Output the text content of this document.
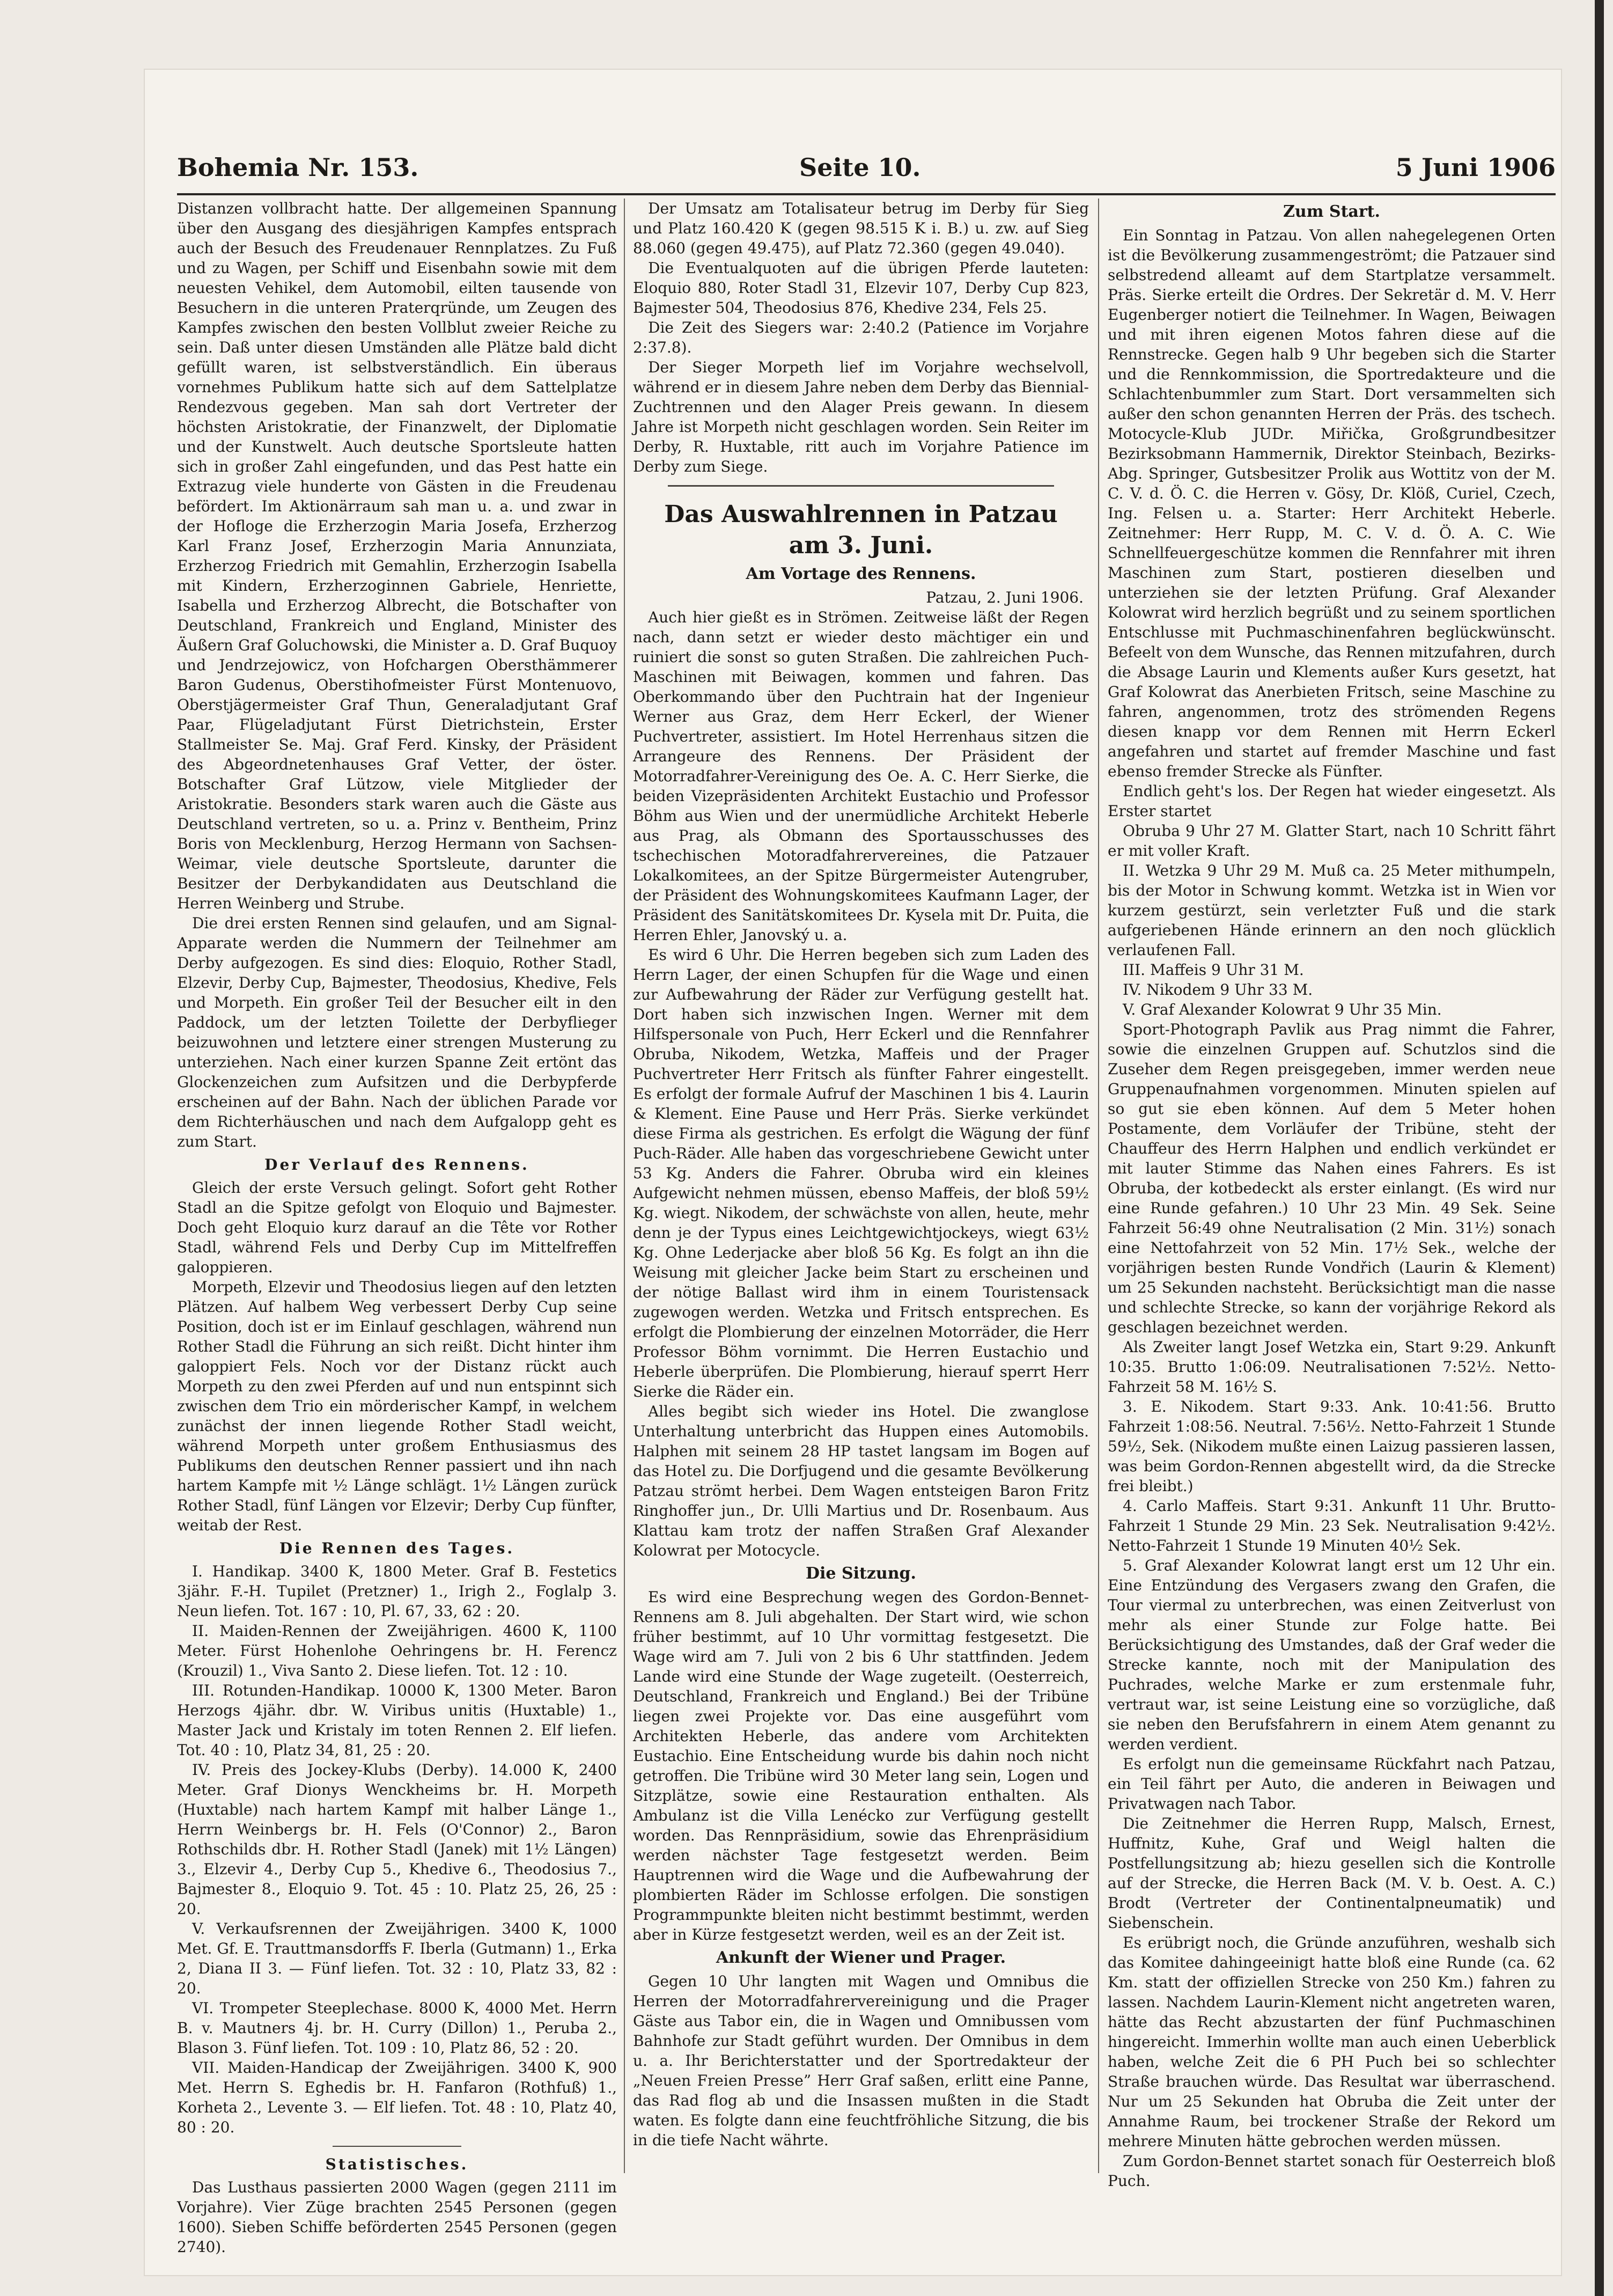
Bohemia Nr. 153.	Seite 10.	5 Juni 1906

Distanzen vollbracht hatte. Der allgemeinen Spannung über den Ausgang des diesjährigen Kampfes entsprach auch der Besuch des Freudenauer Rennplatzes. Zu Fuß und zu Wagen, per Schiff und Eisenbahn sowie mit dem neuesten Vehikel, dem Automobil, eilten tausende von Besuchern in die unteren Praterqründe, um Zeugen des Kampfes zwischen den besten Vollblut zweier Reiche zu sein. Daß unter diesen Umständen alle Plätze bald dicht gefüllt waren, ist selbstverständlich. Ein überaus vornehmes Publikum hatte sich auf dem Sattelplatze Rendezvous gegeben. Man sah dort Vertreter der höchsten Aristokratie, der Finanzwelt, der Diplomatie und der Kunstwelt. Auch deutsche Sportsleute hatten sich in großer Zahl eingefunden, und das Pest hatte ein Extrazug viele hunderte von Gästen in die Freudenau befördert. Im Aktionärraum sah man u. a. und zwar in der Hofloge die Erzherzogin Maria Josefa, Erzherzog Karl Franz Josef, Erzherzogin Maria Annunziata, Erzherzog Friedrich mit Gemahlin, Erzherzogin Isabella mit Kindern, Erzherzoginnen Gabriele, Henriette, Isabella und Erzherzog Albrecht, die Botschafter von Deutschland, Frankreich und England, Minister des Äußern Graf Goluchowski, die Minister a. D. Graf Buquoy und Jendrzejowicz, von Hofchargen Obersthämmerer Baron Gudenus, Oberstihofmeister Fürst Montenuovo, Oberstjägermeister Graf Thun, Generaladjutant Graf Paar, Flügeladjutant Fürst Dietrichstein, Erster Stallmeister Se. Maj. Graf Ferd. Kinsky, der Präsident des Abgeordnetenhauses Graf Vetter, der öster. Botschafter Graf Lützow, viele Mitglieder der Aristokratie. Besonders stark waren auch die Gäste aus Deutschland vertreten, so u. a. Prinz v. Bentheim, Prinz Boris von Mecklenburg, Herzog Hermann von Sachsen-Weimar, viele deutsche Sportsleute, darunter die Besitzer der Derbykandidaten aus Deutschland die Herren Weinberg und Strube.

Die drei ersten Rennen sind gelaufen, und am Signal-Apparate werden die Nummern der Teilnehmer am Derby aufgezogen. Es sind dies: Eloquio, Rother Stadl, Elzevir, Derby Cup, Bajmester, Theodosius, Khedive, Fels und Morpeth. Ein großer Teil der Besucher eilt in den Paddock, um der letzten Toilette der Derbyflieger beizuwohnen und letztere einer strengen Musterung zu unterziehen. Nach einer kurzen Spanne Zeit ertönt das Glockenzeichen zum Aufsitzen und die Derbypferde erscheinen auf der Bahn. Nach der üblichen Parade vor dem Richterhäuschen und nach dem Aufgalopp geht es zum Start.

Der Verlauf des Rennens.

Gleich der erste Versuch gelingt. Sofort geht Rother Stadl an die Spitze gefolgt von Eloquio und Bajmester. Doch geht Eloquio kurz darauf an die Tête vor Rother Stadl, während Fels und Derby Cup im Mittelfreffen galoppieren.

Morpeth, Elzevir und Theodosius liegen auf den letzten Plätzen. Auf halbem Weg verbessert Derby Cup seine Position, doch ist er im Einlauf geschlagen, während nun Rother Stadl die Führung an sich reißt. Dicht hinter ihm galoppiert Fels. Noch vor der Distanz rückt auch Morpeth zu den zwei Pferden auf und nun entspinnt sich zwischen dem Trio ein mörderischer Kampf, in welchem zunächst der innen liegende Rother Stadl weicht, während Morpeth unter großem Enthusiasmus des Publikums den deutschen Renner passiert und ihn nach hartem Kampfe mit ½ Länge schlägt. 1½ Längen zurück Rother Stadl, fünf Längen vor Elzevir; Derby Cup fünfter, weitab der Rest.

Die Rennen des Tages.

I. Handikap. 3400 K, 1800 Meter. Graf B. Festetics 3jähr. F.-H. Tupilet (Pretzner) 1., Irigh 2., Foglalp 3. Neun liefen. Tot. 167 : 10, Pl. 67, 33, 62 : 20.

II. Maiden-Rennen der Zweijährigen. 4600 K, 1100 Meter. Fürst Hohenlohe Oehringens br. H. Ferencz (Krouzil) 1., Viva Santo 2. Diese liefen. Tot. 12 : 10.

III. Rotunden-Handikap. 10000 K, 1300 Meter. Baron Herzogs 4jähr. dbr. W. Viribus unitis (Huxtable) 1., Master Jack und Kristaly im toten Rennen 2. Elf liefen. Tot. 40 : 10, Platz 34, 81, 25 : 20.

IV. Preis des Jockey-Klubs (Derby). 14.000 K, 2400 Meter. Graf Dionys Wenckheims br. H. Morpeth (Huxtable) nach hartem Kampf mit halber Länge 1., Herrn Weinbergs br. H. Fels (O'Connor) 2., Baron Rothschilds dbr. H. Rother Stadl (Janek) mit 1½ Längen) 3., Elzevir 4., Derby Cup 5., Khedive 6., Theodosius 7., Bajmester 8., Eloquio 9. Tot. 45 : 10. Platz 25, 26, 25 : 20.

V. Verkaufsrennen der Zweijährigen. 3400 K, 1000 Met. Gf. E. Trauttmansdorffs F. Iberla (Gutmann) 1., Erka 2, Diana II 3. — Fünf liefen. Tot. 32 : 10, Platz 33, 82 : 20.

VI. Trompeter Steeplechase. 8000 K, 4000 Met. Herrn B. v. Mautners 4j. br. H. Curry (Dillon) 1., Peruba 2., Blason 3. Fünf liefen. Tot. 109 : 10, Platz 86, 52 : 20.

VII. Maiden-Handicap der Zweijährigen. 3400 K, 900 Met. Herrn S. Eghedis br. H. Fanfaron (Rothfuß) 1., Korheta 2., Levente 3. — Elf liefen. Tot. 48 : 10, Platz 40, 80 : 20.

Statistisches.

Das Lusthaus passierten 2000 Wagen (gegen 2111 im Vorjahre). Vier Züge brachten 2545 Personen (gegen 1600). Sieben Schiffe beförderten 2545 Personen (gegen 2740).

Der Umsatz am Totalisateur betrug im Derby für Sieg und Platz 160.420 K (gegen 98.515 K i. B.) u. zw. auf Sieg 88.060 (gegen 49.475), auf Platz 72.360 (gegen 49.040).

Die Eventualquoten auf die übrigen Pferde lauteten: Eloquio 880, Roter Stadl 31, Elzevir 107, Derby Cup 823, Bajmester 504, Theodosius 876, Khedive 234, Fels 25.

Die Zeit des Siegers war: 2:40.2 (Patience im Vorjahre 2:37.8).

Der Sieger Morpeth lief im Vorjahre wechselvoll, während er in diesem Jahre neben dem Derby das Biennial-Zuchtrennen und den Alager Preis gewann. In diesem Jahre ist Morpeth nicht geschlagen worden. Sein Reiter im Derby, R. Huxtable, ritt auch im Vorjahre Patience im Derby zum Siege.

Das Auswahlrennen in Patzau
am 3. Juni.
Am Vortage des Rennens.
Patzau, 2. Juni 1906.

Auch hier gießt es in Strömen. Zeitweise läßt der Regen nach, dann setzt er wieder desto mächtiger ein und ruiniert die sonst so guten Straßen. Die zahlreichen Puch-Maschinen mit Beiwagen, kommen und fahren. Das Oberkommando über den Puchtrain hat der Ingenieur Werner aus Graz, dem Herr Eckerl, der Wiener Puchvertreter, assistiert. Im Hotel Herrenhaus sitzen die Arrangeure des Rennens. Der Präsident der Motorradfahrer-Vereinigung des Oe. A. C. Herr Sierke, die beiden Vizepräsidenten Architekt Eustachio und Professor Böhm aus Wien und der unermüdliche Architekt Heberle aus Prag, als Obmann des Sportausschusses des tschechischen Motoradfahrervereines, die Patzauer Lokalkomitees, an der Spitze Bürgermeister Autengruber, der Präsident des Wohnungskomitees Kaufmann Lager, der Präsident des Sanitätskomitees Dr. Kysela mit Dr. Puita, die Herren Ehler, Janovský u. a.

Es wird 6 Uhr. Die Herren begeben sich zum Laden des Herrn Lager, der einen Schupfen für die Wage und einen zur Aufbewahrung der Räder zur Verfügung gestellt hat. Dort haben sich inzwischen Ingen. Werner mit dem Hilfspersonale von Puch, Herr Eckerl und die Rennfahrer Obruba, Nikodem, Wetzka, Maffeis und der Prager Puchvertreter Herr Fritsch als fünfter Fahrer eingestellt. Es erfolgt der formale Aufruf der Maschinen 1 bis 4. Laurin & Klement. Eine Pause und Herr Präs. Sierke verkündet diese Firma als gestrichen. Es erfolgt die Wägung der fünf Puch-Räder. Alle haben das vorgeschriebene Gewicht unter 53 Kg. Anders die Fahrer. Obruba wird ein kleines Aufgewicht nehmen müssen, ebenso Maffeis, der bloß 59½ Kg. wiegt. Nikodem, der schwächste von allen, heute, mehr denn je der Typus eines Leichtgewichtjockeys, wiegt 63½ Kg. Ohne Lederjacke aber bloß 56 Kg. Es folgt an ihn die Weisung mit gleicher Jacke beim Start zu erscheinen und der nötige Ballast wird ihm in einem Touristensack zugewogen werden. Wetzka und Fritsch entsprechen. Es erfolgt die Plombierung der einzelnen Motorräder, die Herr Professor Böhm vornimmt. Die Herren Eustachio und Heberle überprüfen. Die Plombierung, hierauf sperrt Herr Sierke die Räder ein.

Alles begibt sich wieder ins Hotel. Die zwanglose Unterhaltung unterbricht das Huppen eines Automobils. Halphen mit seinem 28 HP tastet langsam im Bogen auf das Hotel zu. Die Dorfjugend und die gesamte Bevölkerung Patzau strömt herbei. Dem Wagen entsteigen Baron Fritz Ringhoffer jun., Dr. Ulli Martius und Dr. Rosenbaum. Aus Klattau kam trotz der naffen Straßen Graf Alexander Kolowrat per Motocycle.

Die Sitzung.

Es wird eine Besprechung wegen des Gordon-Bennet-Rennens am 8. Juli abgehalten. Der Start wird, wie schon früher bestimmt, auf 10 Uhr vormittag festgesetzt. Die Wage wird am 7. Juli von 2 bis 6 Uhr stattfinden. Jedem Lande wird eine Stunde der Wage zugeteilt. (Oesterreich, Deutschland, Frankreich und England.) Bei der Tribüne liegen zwei Projekte vor. Das eine ausgeführt vom Architekten Heberle, das andere vom Architekten Eustachio. Eine Entscheidung wurde bis dahin noch nicht getroffen. Die Tribüne wird 30 Meter lang sein, Logen und Sitzplätze, sowie eine Restauration enthalten. Als Ambulanz ist die Villa Lenécko zur Verfügung gestellt worden. Das Rennpräsidium, sowie das Ehrenpräsidium werden nächster Tage festgesetzt werden. Beim Hauptrennen wird die Wage und die Aufbewahrung der plombierten Räder im Schlosse erfolgen. Die sonstigen Programmpunkte bleiten nicht bestimmt bestimmt, werden aber in Kürze festgesetzt werden, weil es an der Zeit ist.

Ankunft der Wiener und Prager.

Gegen 10 Uhr langten mit Wagen und Omnibus die Herren der Motorradfahrervereinigung und die Prager Gäste aus Tabor ein, die in Wagen und Omnibussen vom Bahnhofe zur Stadt geführt wurden. Der Omnibus in dem u. a. Ihr Berichterstatter und der Sportredakteur der „Neuen Freien Presse” Herr Graf saßen, erlitt eine Panne, das Rad flog ab und die Insassen mußten in die Stadt waten. Es folgte dann eine feuchtfröhliche Sitzung, die bis in die tiefe Nacht währte.

Zum Start.

Ein Sonntag in Patzau. Von allen nahegelegenen Orten ist die Bevölkerung zusammengeströmt; die Patzauer sind selbstredend alleamt auf dem Startplatze versammelt. Präs. Sierke erteilt die Ordres. Der Sekretär d. M. V. Herr Eugenberger notiert die Teilnehmer. In Wagen, Beiwagen und mit ihren eigenen Motos fahren diese auf die Rennstrecke. Gegen halb 9 Uhr begeben sich die Starter und die Rennkommission, die Sportredakteure und die Schlachtenbummler zum Start. Dort versammelten sich außer den schon genannten Herren der Präs. des tschech. Motocycle-Klub JUDr. Miřička, Großgrundbesitzer Bezirksobmann Hammernik, Direktor Steinbach, Bezirks-Abg. Springer, Gutsbesitzer Prolik aus Wottitz von der M. C. V. d. Ö. C. die Herren v. Gösy, Dr. Klöß, Curiel, Czech, Ing. Felsen u. a. Starter: Herr Architekt Heberle. Zeitnehmer: Herr Rupp, M. C. V. d. Ö. A. C. Wie Schnellfeuergeschütze kommen die Rennfahrer mit ihren Maschinen zum Start, postieren dieselben und unterziehen sie der letzten Prüfung. Graf Alexander Kolowrat wird herzlich begrüßt und zu seinem sportlichen Entschlusse mit Puchmaschinenfahren beglückwünscht. Befeelt von dem Wunsche, das Rennen mitzufahren, durch die Absage Laurin und Klements außer Kurs gesetzt, hat Graf Kolowrat das Anerbieten Fritsch, seine Maschine zu fahren, angenommen, trotz des strömenden Regens diesen knapp vor dem Rennen mit Herrn Eckerl angefahren und startet auf fremder Maschine und fast ebenso fremder Strecke als Fünfter.

Endlich geht's los. Der Regen hat wieder eingesetzt. Als Erster startet

Obruba 9 Uhr 27 M. Glatter Start, nach 10 Schritt fährt er mit voller Kraft.

II. Wetzka 9 Uhr 29 M. Muß ca. 25 Meter mithumpeln, bis der Motor in Schwung kommt. Wetzka ist in Wien vor kurzem gestürzt, sein verletzter Fuß und die stark aufgeriebenen Hände erinnern an den noch glücklich verlaufenen Fall.

III. Maffeis 9 Uhr 31 M.

IV. Nikodem 9 Uhr 33 M.

V. Graf Alexander Kolowrat 9 Uhr 35 Min.

Sport-Photograph Pavlik aus Prag nimmt die Fahrer, sowie die einzelnen Gruppen auf. Schutzlos sind die Zuseher dem Regen preisgegeben, immer werden neue Gruppenaufnahmen vorgenommen. Minuten spielen auf so gut sie eben können. Auf dem 5 Meter hohen Postamente, dem Vorläufer der Tribüne, steht der Chauffeur des Herrn Halphen und endlich verkündet er mit lauter Stimme das Nahen eines Fahrers. Es ist Obruba, der kotbedeckt als erster einlangt. (Es wird nur eine Runde gefahren.) 10 Uhr 23 Min. 49 Sek. Seine Fahrzeit 56:49 ohne Neutralisation (2 Min. 31½) sonach eine Nettofahrzeit von 52 Min. 17½ Sek., welche der vorjährigen besten Runde Vondřich (Laurin & Klement) um 25 Sekunden nachsteht. Berücksichtigt man die nasse und schlechte Strecke, so kann der vorjährige Rekord als geschlagen bezeichnet werden.

Als Zweiter langt Josef Wetzka ein, Start 9:29. Ankunft 10:35. Brutto 1:06:09. Neutralisationen 7:52½. Netto-Fahrzeit 58 M. 16½ S.

3. E. Nikodem. Start 9:33. Ank. 10:41:56. Brutto Fahrzeit 1:08:56. Neutral. 7:56½. Netto-Fahrzeit 1 Stunde 59½, Sek. (Nikodem mußte einen Laizug passieren lassen, was beim Gordon-Rennen abgestellt wird, da die Strecke frei bleibt.)

4. Carlo Maffeis. Start 9:31. Ankunft 11 Uhr. Brutto-Fahrzeit 1 Stunde 29 Min. 23 Sek. Neutralisation 9:42½. Netto-Fahrzeit 1 Stunde 19 Minuten 40½ Sek.

5. Graf Alexander Kolowrat langt erst um 12 Uhr ein. Eine Entzündung des Vergasers zwang den Grafen, die Tour viermal zu unterbrechen, was einen Zeitverlust von mehr als einer Stunde zur Folge hatte. Bei Berücksichtigung des Umstandes, daß der Graf weder die Strecke kannte, noch mit der Manipulation des Puchrades, welche Marke er zum erstenmale fuhr, vertraut war, ist seine Leistung eine so vorzügliche, daß sie neben den Berufsfahrern in einem Atem genannt zu werden verdient.

Es erfolgt nun die gemeinsame Rückfahrt nach Patzau, ein Teil fährt per Auto, die anderen in Beiwagen und Privatwagen nach Tabor.

Die Zeitnehmer die Herren Rupp, Malsch, Ernest, Huffnitz, Kuhe, Graf und Weigl halten die Postfellungsitzung ab; hiezu gesellen sich die Kontrolle auf der Strecke, die Herren Back (M. V. b. Oest. A. C.) Brodt (Vertreter der Continentalpneumatik) und Siebenschein.

Es erübrigt noch, die Gründe anzuführen, weshalb sich das Komitee dahingeeinigt hatte bloß eine Runde (ca. 62 Km. statt der offiziellen Strecke von 250 Km.) fahren zu lassen. Nachdem Laurin-Klement nicht angetreten waren, hätte das Recht abzustarten der fünf Puchmaschinen hingereicht. Immerhin wollte man auch einen Ueberblick haben, welche Zeit die 6 PH Puch bei so schlechter Straße brauchen würde. Das Resultat war überraschend. Nur um 25 Sekunden hat Obruba die Zeit unter der Annahme Raum, bei trockener Straße der Rekord um mehrere Minuten hätte gebrochen werden müssen.

Zum Gordon-Bennet startet sonach für Oesterreich bloß Puch.
